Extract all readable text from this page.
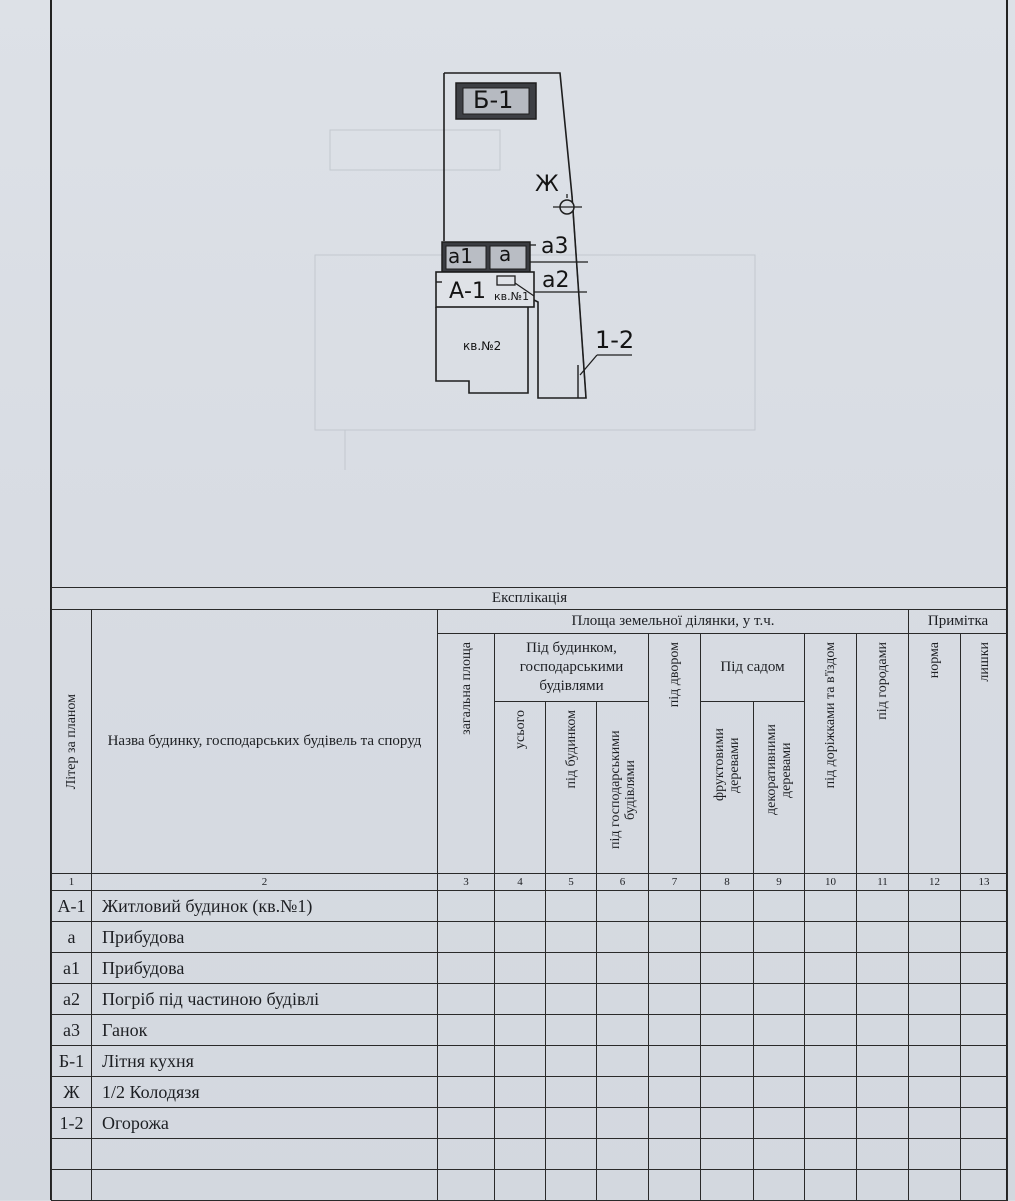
Б-1
Ж
а1 а а3
а2
А-1 кв.№1
кв.№2	1-2
Експлікація												

Літер за планом	Назва будинку, господарських будівель та споруд	Площа земельної ділянки, у т.ч.									Примітка	

		загальна площа	Під будинком, господарськими будівлями			під двором	Під садом		під доріжками та в'їздом	під городами	норма	лишки

			усього	під будинком	під господарськими будівлями		фруктовими деревами	декоративними деревами				

1	2	3	4	5	6	7	8	9	10	11	12	13
А-1	Житловий будинок (кв.№1)											
а	Прибудова											
а1	Прибудова											
а2	Погріб під частиною будівлі											
а3	Ганок											
Б-1	Літня кухня											
Ж	1/2 Колодязя											
1-2	Огорожа											
